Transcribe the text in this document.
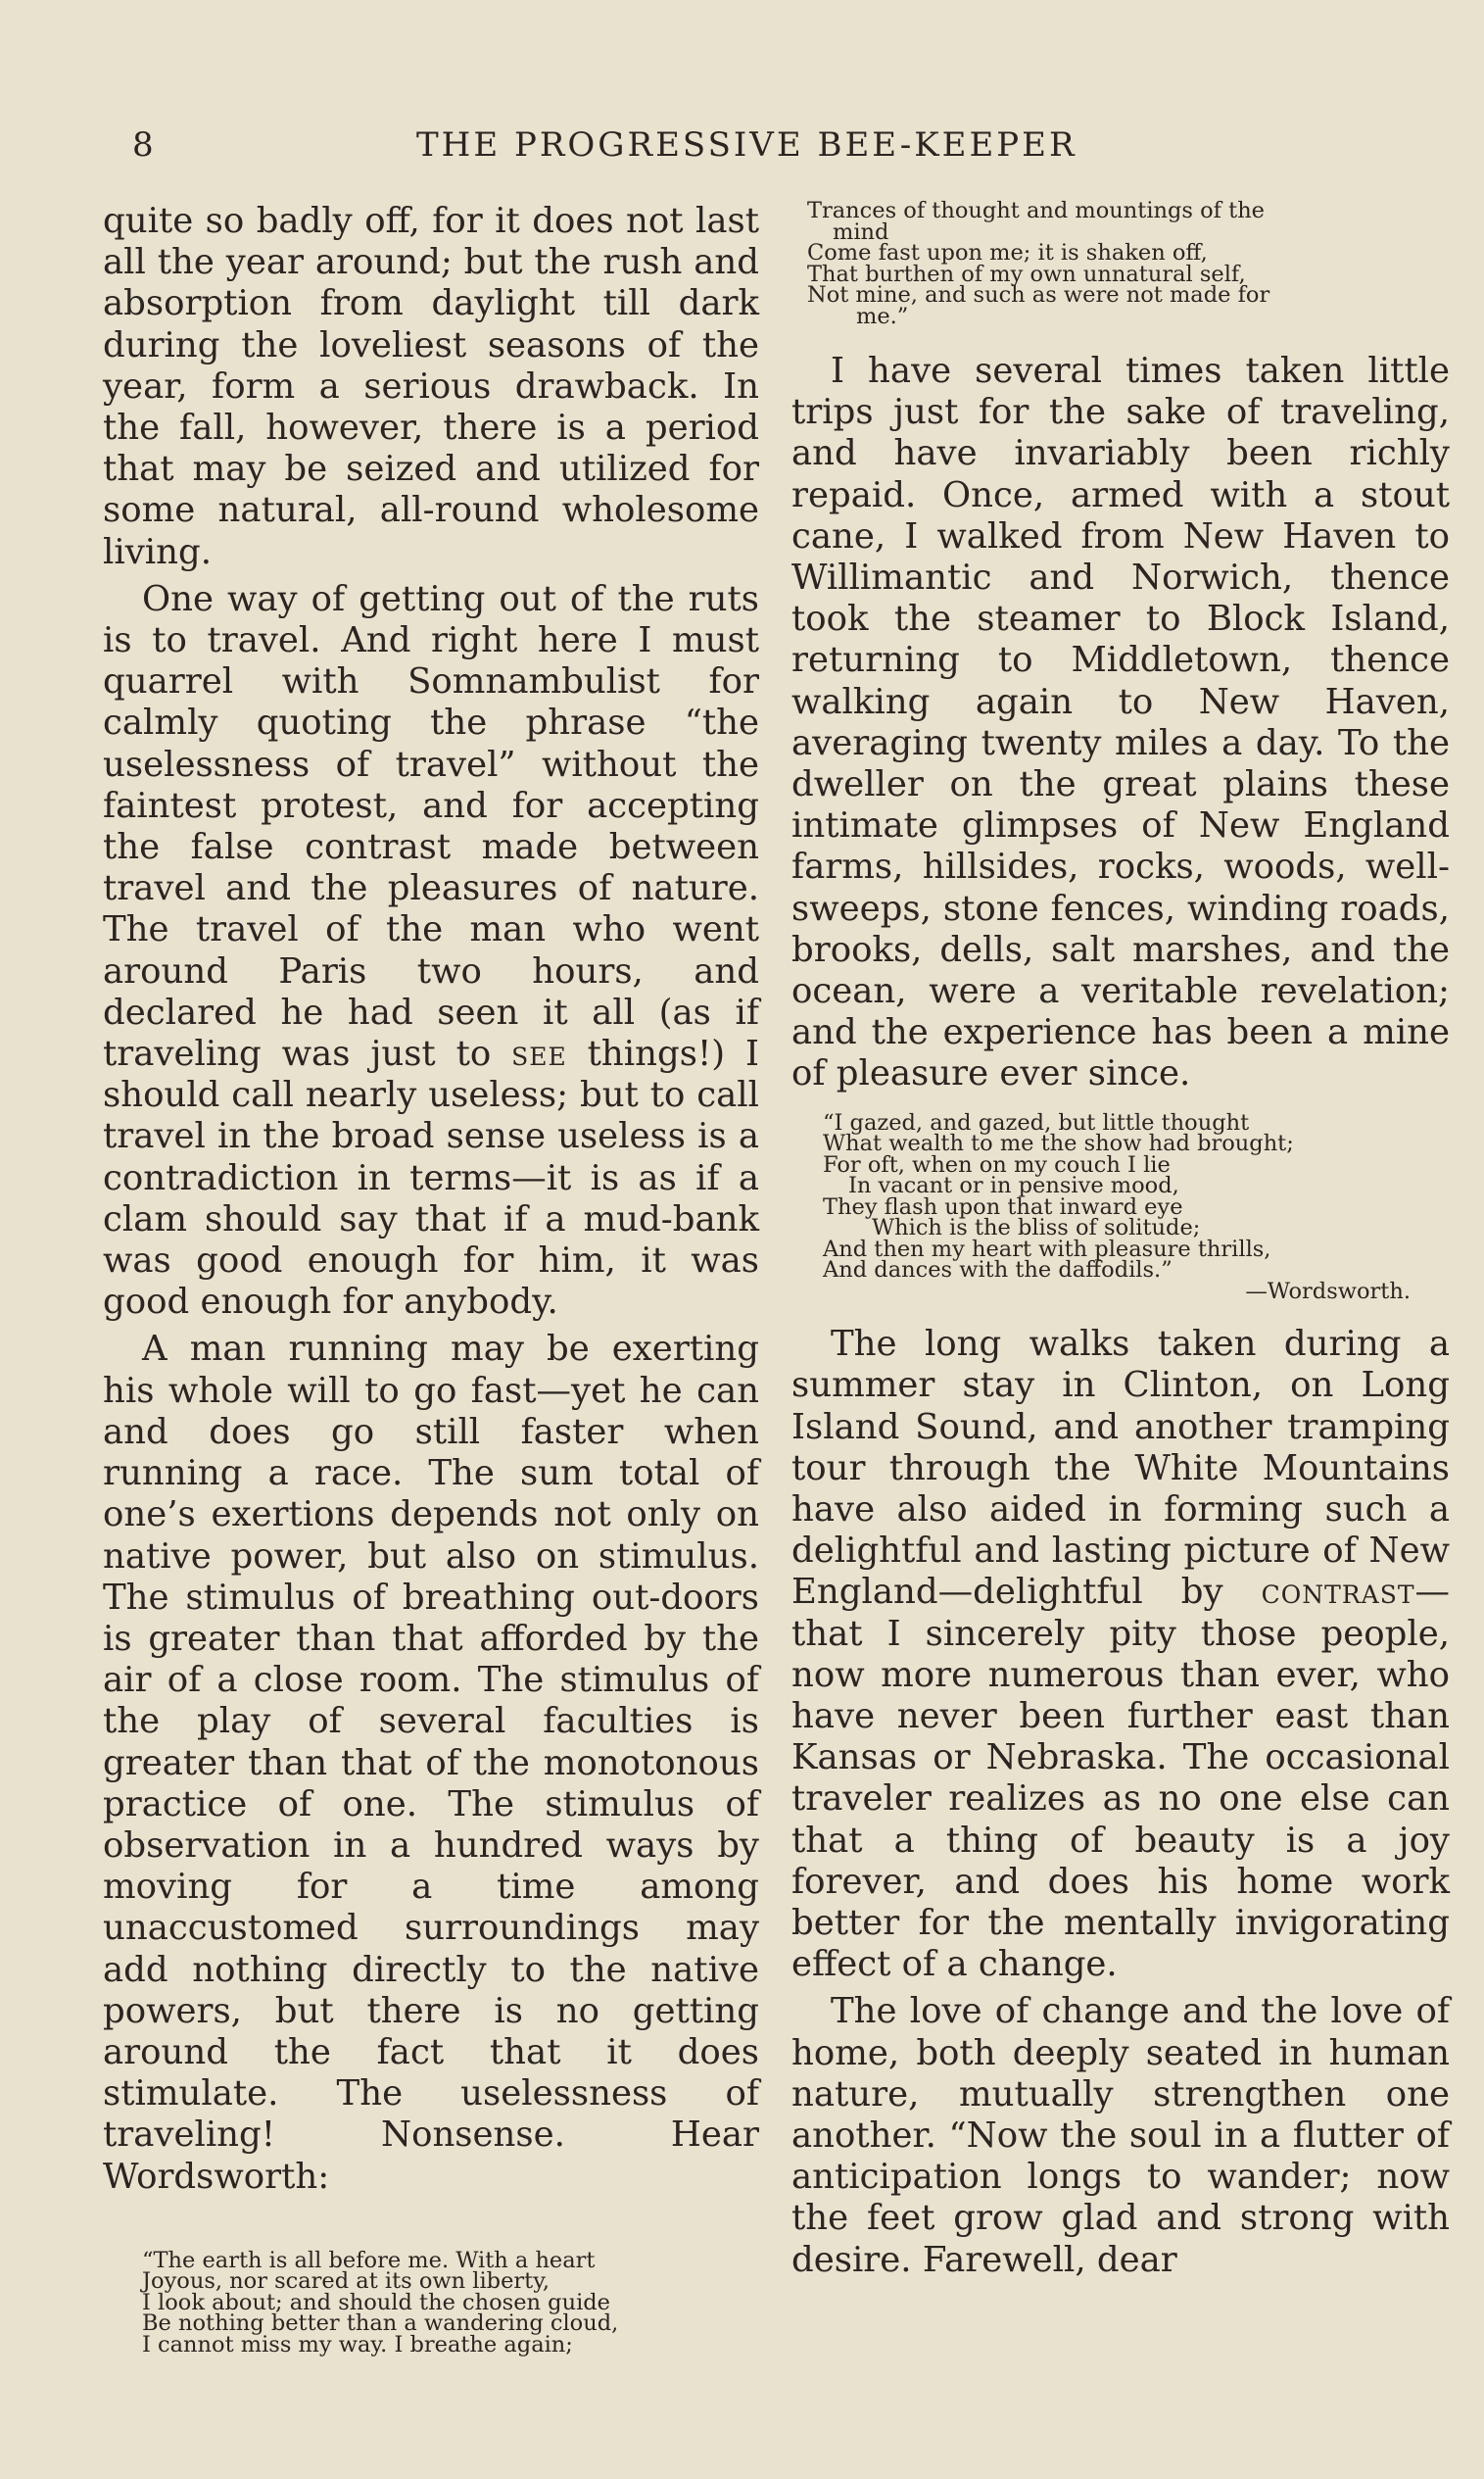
8	THE PROGRESSIVE BEE-KEEPER

quite so badly off, for it does not last all the year around; but the rush and absorption from daylight till dark during the loveliest seasons of the year, form a serious drawback. In the fall, however, there is a period that may be seized and utilized for some natural, all-round wholesome living.

One way of getting out of the ruts is to travel. And right here I must quarrel with Somnambulist for calmly quoting the phrase “the uselessness of travel” without the faintest protest, and for accepting the false contrast made between travel and the pleasures of nature. The travel of the man who went around Paris two hours, and declared he had seen it all (as if traveling was just to see things!) I should call nearly useless; but to call travel in the broad sense useless is a contradiction in terms—it is as if a clam should say that if a mud-bank was good enough for him, it was good enough for anybody.

A man running may be exerting his whole will to go fast—yet he can and does go still faster when running a race. The sum total of one’s exertions depends not only on native power, but also on stimulus. The stimulus of breathing out-doors is greater than that afforded by the air of a close room. The stimulus of the play of several faculties is greater than that of the monotonous practice of one. The stimulus of observation in a hundred ways by moving for a time among unaccustomed surroundings may add nothing directly to the native powers, but there is no getting around the fact that it does stimulate. The uselessness of traveling! Nonsense. Hear Wordsworth:

“The earth is all before me. With a heart
Joyous, nor scared at its own liberty,
I look about; and should the chosen guide
Be nothing better than a wandering cloud,
I cannot miss my way. I breathe again;
Trances of thought and mountings of the
mind
Come fast upon me; it is shaken off,
That burthen of my own unnatural self,
Not mine, and such as were not made for
me.”

I have several times taken little trips just for the sake of traveling, and have invariably been richly repaid. Once, armed with a stout cane, I walked from New Haven to Willimantic and Norwich, thence took the steamer to Block Island, returning to Middletown, thence walking again to New Haven, averaging twenty miles a day. To the dweller on the great plains these intimate glimpses of New England farms, hillsides, rocks, woods, well-sweeps, stone fences, winding roads, brooks, dells, salt marshes, and the ocean, were a veritable revelation; and the experience has been a mine of pleasure ever since.

“I gazed, and gazed, but little thought
What wealth to me the show had brought;
For oft, when on my couch I lie
In vacant or in pensive mood,
They flash upon that inward eye
Which is the bliss of solitude;
And then my heart with pleasure thrills,
And dances with the daffodils.”
—Wordsworth.

The long walks taken during a summer stay in Clinton, on Long Island Sound, and another tramping tour through the White Mountains have also aided in forming such a delightful and lasting picture of New England—delightful by contrast—that I sincerely pity those people, now more numerous than ever, who have never been further east than Kansas or Nebraska. The occasional traveler realizes as no one else can that a thing of beauty is a joy forever, and does his home work better for the mentally invigorating effect of a change.

The love of change and the love of home, both deeply seated in human nature, mutually strengthen one another. “Now the soul in a flutter of anticipation longs to wander; now the feet grow glad and strong with desire. Farewell, dear
